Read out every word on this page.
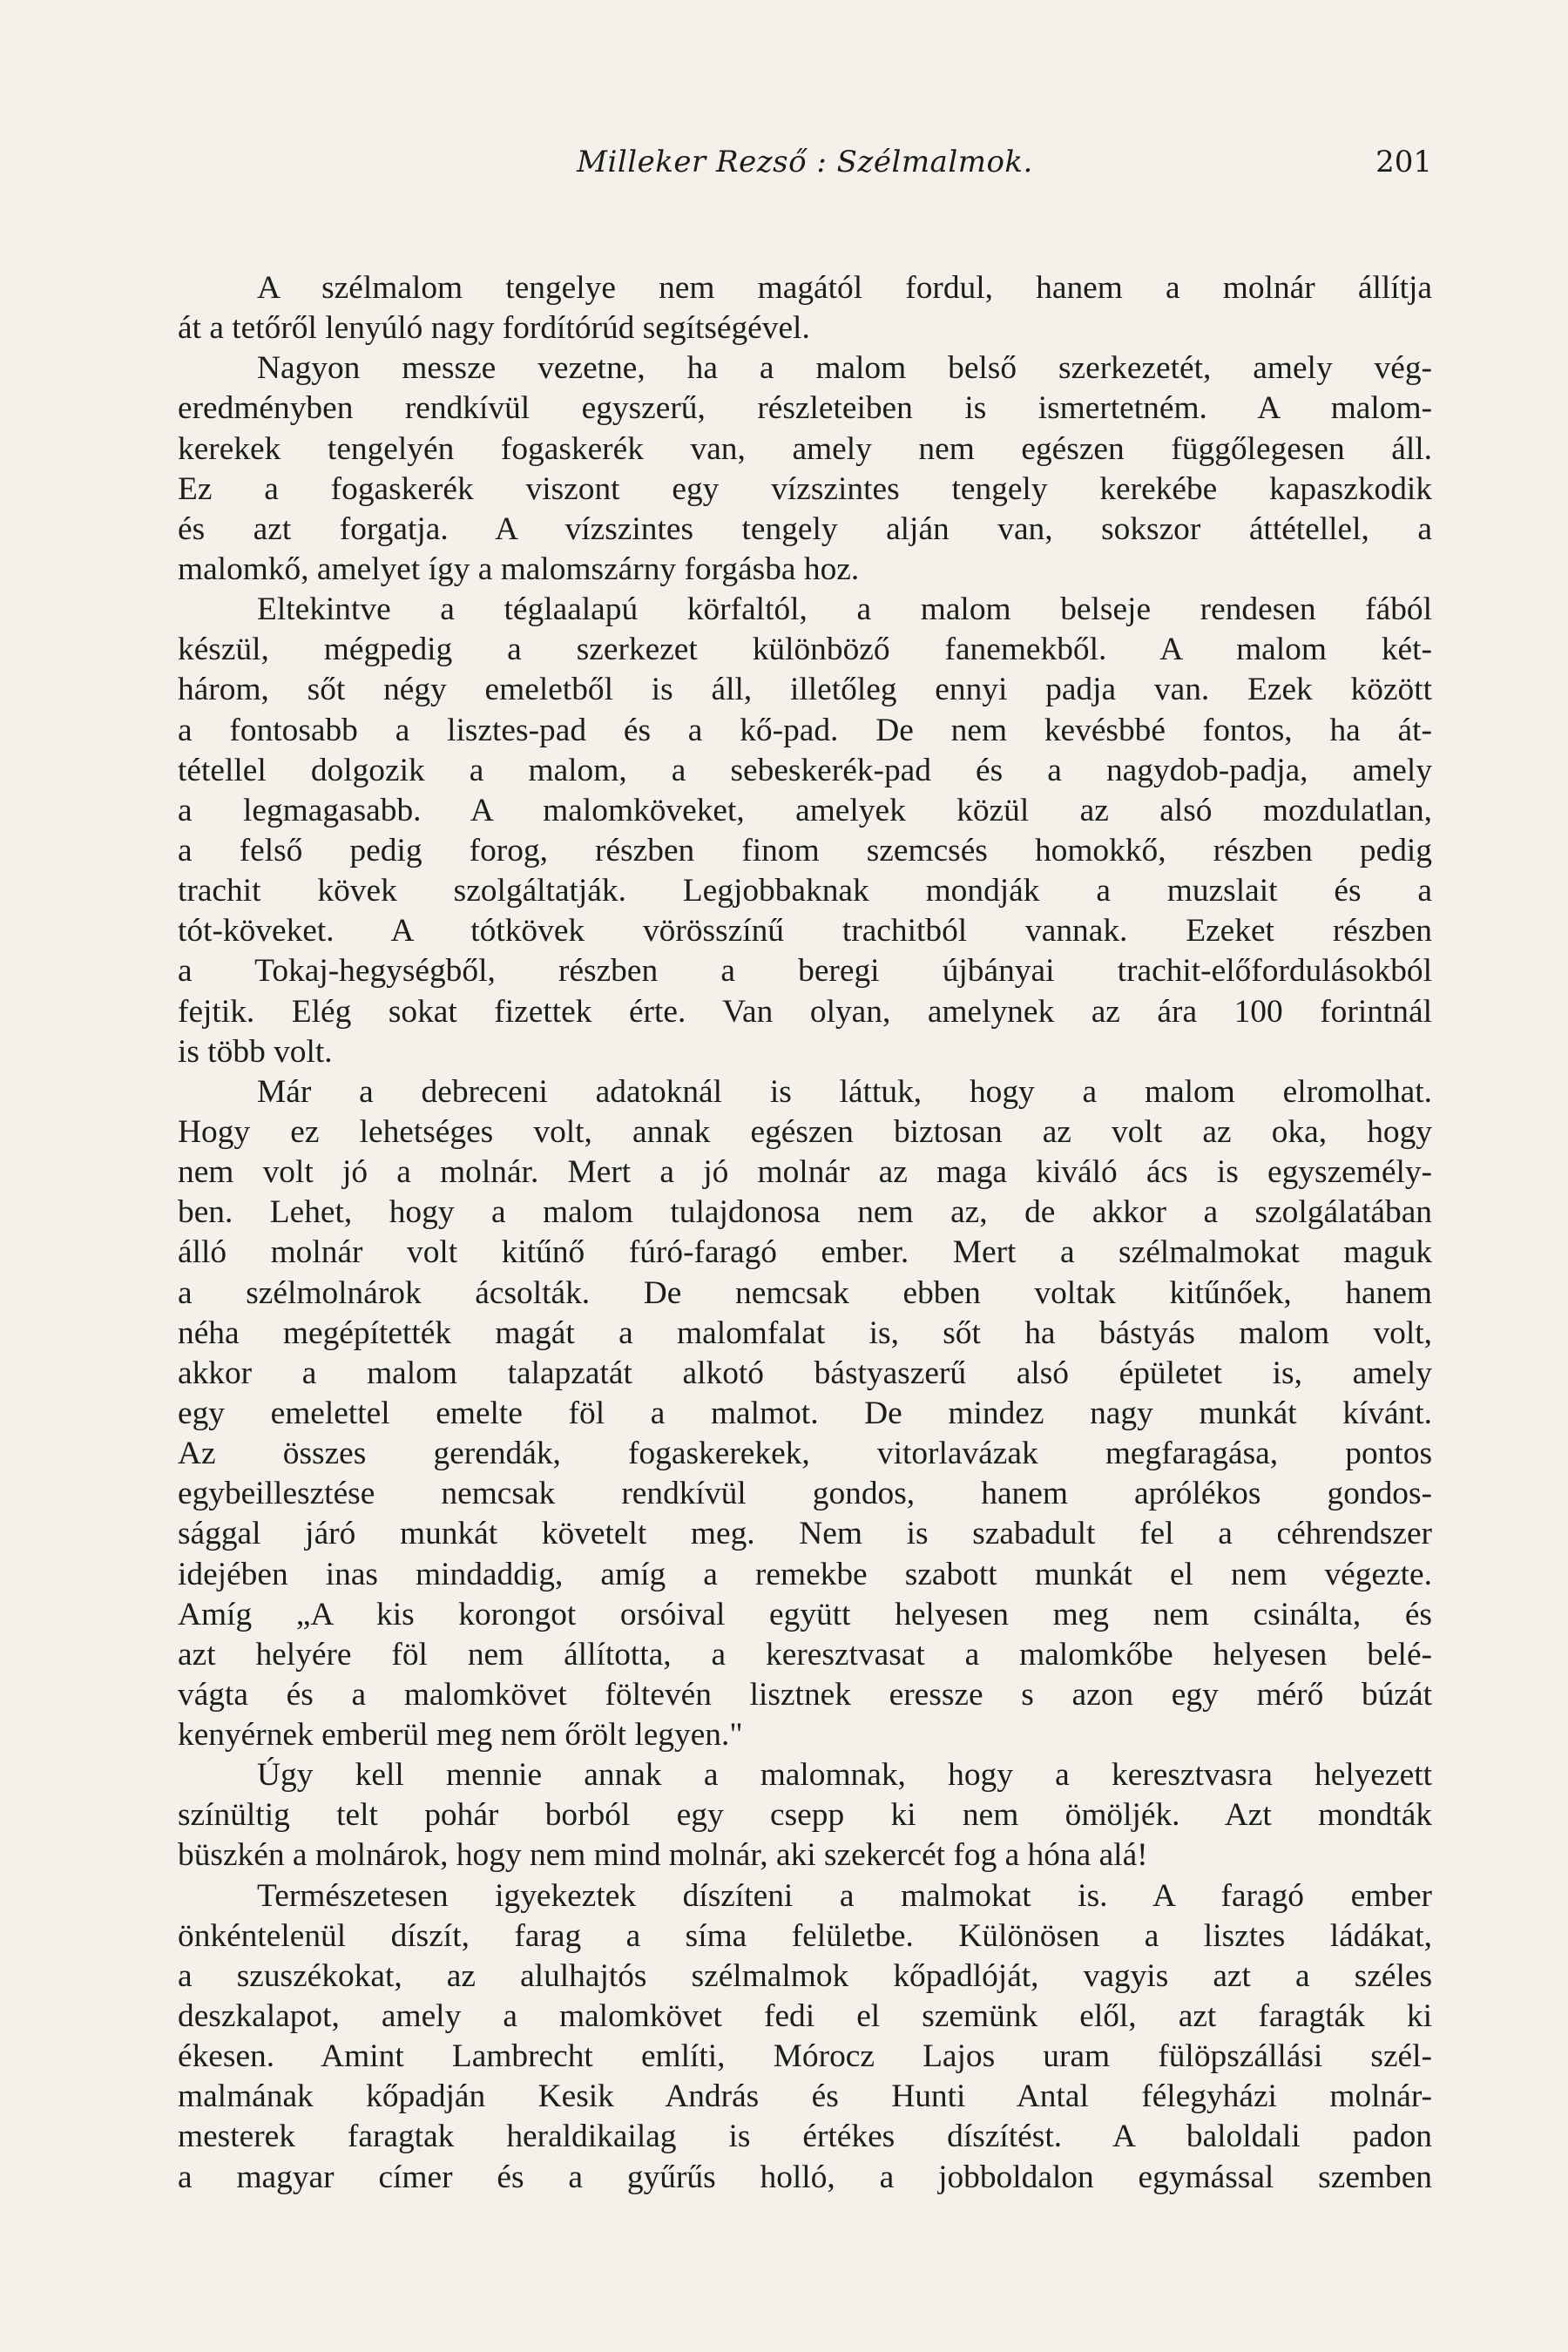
Milleker Rezső : Szélmalmok.	201
A szélmalom tengelye nem magától fordul, hanem a molnár állítja
át a tetőről lenyúló nagy fordítórúd segítségével.
Nagyon messze vezetne, ha a malom belső szerkezetét, amely vég-
eredményben rendkívül egyszerű, részleteiben is ismertetném. A malom-
kerekek tengelyén fogaskerék van, amely nem egészen függőlegesen áll.
Ez a fogaskerék viszont egy vízszintes tengely kerekébe kapaszkodik
és azt forgatja. A vízszintes tengely alján van, sokszor áttétellel, a
malomkő, amelyet így a malomszárny forgásba hoz.
Eltekintve a téglaalapú körfaltól, a malom belseje rendesen fából
készül, mégpedig a szerkezet különböző fanemekből. A malom két-
három, sőt négy emeletből is áll, illetőleg ennyi padja van. Ezek között
a fontosabb a lisztes-pad és a kő-pad. De nem kevésbbé fontos, ha át-
tétellel dolgozik a malom, a sebeskerék-pad és a nagydob-padja, amely
a legmagasabb. A malomköveket, amelyek közül az alsó mozdulatlan,
a felső pedig forog, részben finom szemcsés homokkő, részben pedig
trachit kövek szolgáltatják. Legjobbaknak mondják a muzslait és a
tót-köveket. A tótkövek vörösszínű trachitból vannak. Ezeket részben
a Tokaj-hegységből, részben a beregi újbányai trachit-előfordulásokból
fejtik. Elég sokat fizettek érte. Van olyan, amelynek az ára 100 forintnál
is több volt.
Már a debreceni adatoknál is láttuk, hogy a malom elromolhat.
Hogy ez lehetséges volt, annak egészen biztosan az volt az oka, hogy
nem volt jó a molnár. Mert a jó molnár az maga kiváló ács is egyszemély-
ben. Lehet, hogy a malom tulajdonosa nem az, de akkor a szolgálatában
álló molnár volt kitűnő fúró-faragó ember. Mert a szélmalmokat maguk
a szélmolnárok ácsolták. De nemcsak ebben voltak kitűnőek, hanem
néha megépítették magát a malomfalat is, sőt ha bástyás malom volt,
akkor a malom talapzatát alkotó bástyaszerű alsó épületet is, amely
egy emelettel emelte föl a malmot. De mindez nagy munkát kívánt.
Az összes gerendák, fogaskerekek, vitorlavázak megfaragása, pontos
egybeillesztése nemcsak rendkívül gondos, hanem aprólékos gondos-
sággal járó munkát követelt meg. Nem is szabadult fel a céhrendszer
idejében inas mindaddig, amíg a remekbe szabott munkát el nem végezte.
Amíg „A kis korongot orsóival együtt helyesen meg nem csinálta, és
azt helyére föl nem állította, a keresztvasat a malomkőbe helyesen belé-
vágta és a malomkövet föltevén lisztnek eressze s azon egy mérő búzát
kenyérnek emberül meg nem őrölt legyen."
Úgy kell mennie annak a malomnak, hogy a keresztvasra helyezett
színültig telt pohár borból egy csepp ki nem ömöljék. Azt mondták
büszkén a molnárok, hogy nem mind molnár, aki szekercét fog a hóna alá!
Természetesen igyekeztek díszíteni a malmokat is. A faragó ember
önkéntelenül díszít, farag a síma felületbe. Különösen a lisztes ládákat,
a szuszékokat, az alulhajtós szélmalmok kőpadlóját, vagyis azt a széles
deszkalapot, amely a malomkövet fedi el szemünk elől, azt faragták ki
ékesen. Amint Lambrecht említi, Mórocz Lajos uram fülöpszállási szél-
malmának kőpadján Kesik András és Hunti Antal félegyházi molnár-
mesterek faragtak heraldikailag is értékes díszítést. A baloldali padon
a magyar címer és a gyűrűs holló, a jobboldalon egymással szemben
